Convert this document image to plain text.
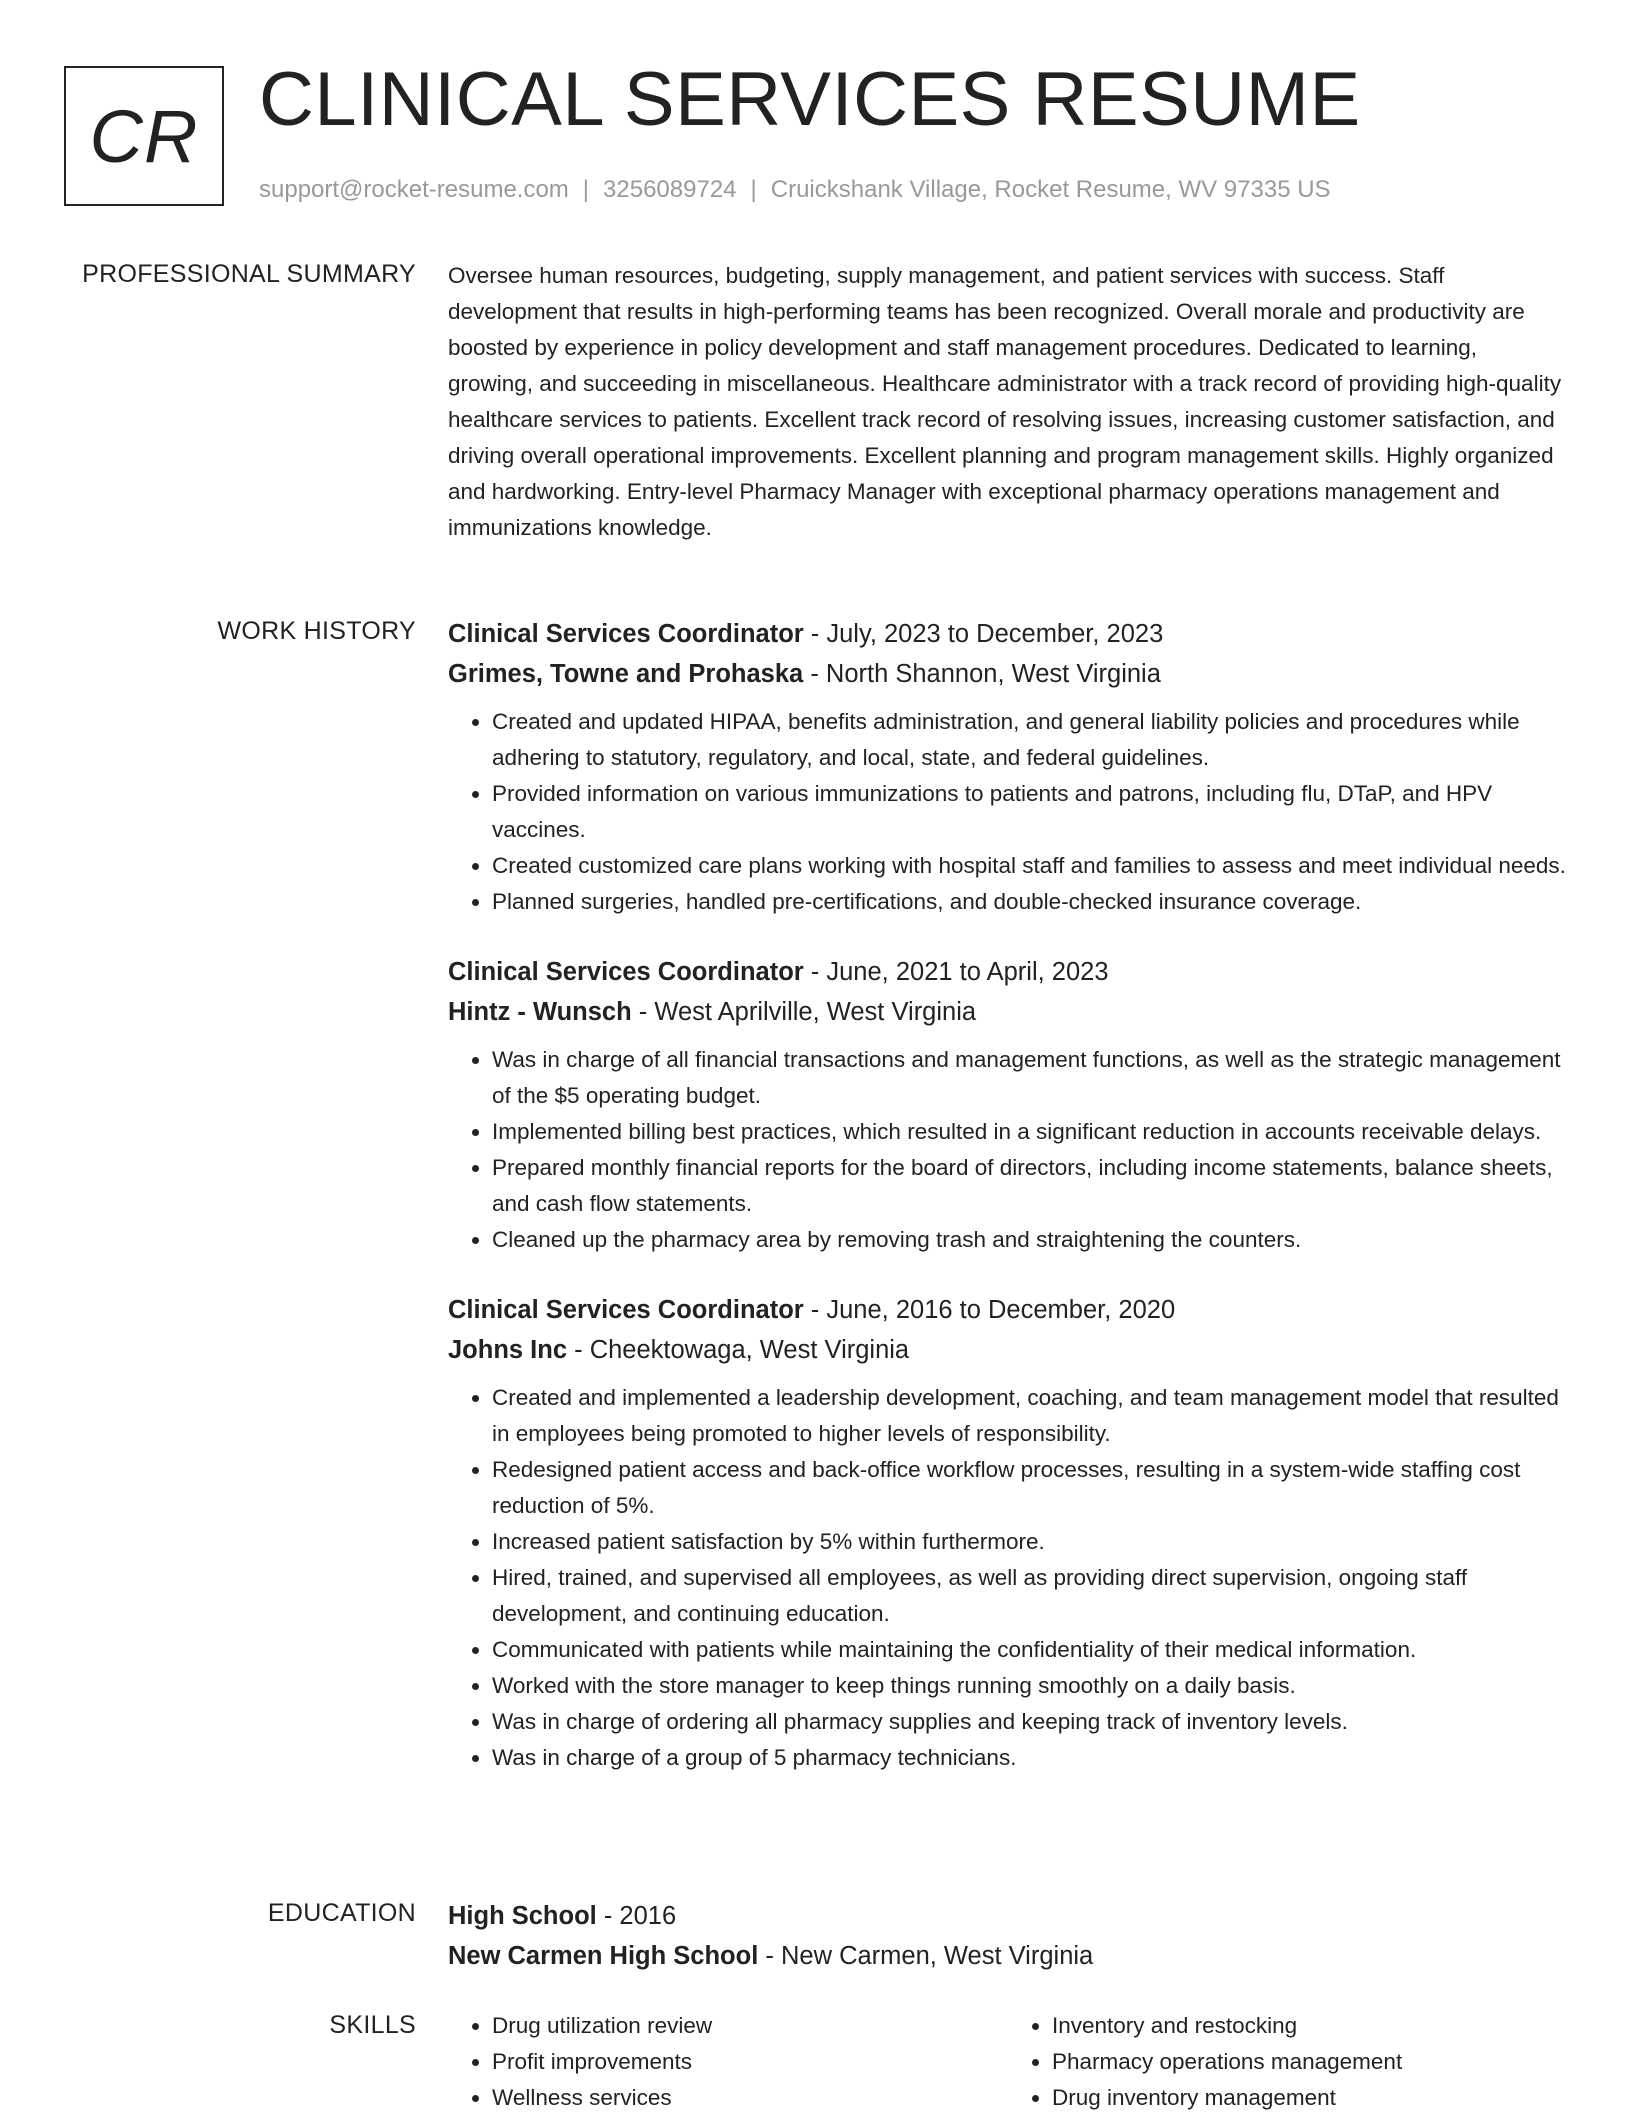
CR CLINICAL SERVICES RESUME
support@rocket-resume.com | 3256089724 | Cruickshank Village, Rocket Resume, WV 97335 US
PROFESSIONAL SUMMARY Oversee human resources, budgeting, supply management, and patient services with success. Staff development that results in high-performing teams has been recognized. Overall morale and productivity are boosted by experience in policy development and staff management procedures. Dedicated to learning, growing, and succeeding in miscellaneous. Healthcare administrator with a track record of providing high-quality healthcare services to patients. Excellent track record of resolving issues, increasing customer satisfaction, and driving overall operational improvements. Excellent planning and program management skills. Highly organized and hardworking. Entry-level Pharmacy Manager with exceptional pharmacy operations management and immunizations knowledge.

WORK HISTORY Clinical Services Coordinator - July, 2023 to December, 2023
Grimes, Towne and Prohaska - North Shannon, West Virginia
• Created and updated HIPAA, benefits administration, and general liability policies and procedures while adhering to statutory, regulatory, and local, state, and federal guidelines.
• Provided information on various immunizations to patients and patrons, including flu, DTaP, and HPV vaccines.
• Created customized care plans working with hospital staff and families to assess and meet individual needs.
• Planned surgeries, handled pre-certifications, and double-checked insurance coverage.
Clinical Services Coordinator - June, 2021 to April, 2023
Hintz - Wunsch - West Aprilville, West Virginia
• Was in charge of all financial transactions and management functions, as well as the strategic management of the $5 operating budget.
• Implemented billing best practices, which resulted in a significant reduction in accounts receivable delays.
• Prepared monthly financial reports for the board of directors, including income statements, balance sheets, and cash flow statements.
• Cleaned up the pharmacy area by removing trash and straightening the counters.
Clinical Services Coordinator - June, 2016 to December, 2020
Johns Inc - Cheektowaga, West Virginia
• Created and implemented a leadership development, coaching, and team management model that resulted in employees being promoted to higher levels of responsibility.
• Redesigned patient access and back-office workflow processes, resulting in a system-wide staffing cost reduction of 5%.
• Increased patient satisfaction by 5% within furthermore.
• Hired, trained, and supervised all employees, as well as providing direct supervision, ongoing staff development, and continuing education.
• Communicated with patients while maintaining the confidentiality of their medical information.
• Worked with the store manager to keep things running smoothly on a daily basis.
• Was in charge of ordering all pharmacy supplies and keeping track of inventory levels.
• Was in charge of a group of 5 pharmacy technicians.
EDUCATION High School - 2016
New Carmen High School - New Carmen, West Virginia
SKILLS
•	Drug utilization review
• Profit improvements
• Wellness services
• Inventory and restocking
• Pharmacy operations management
• Drug inventory management
